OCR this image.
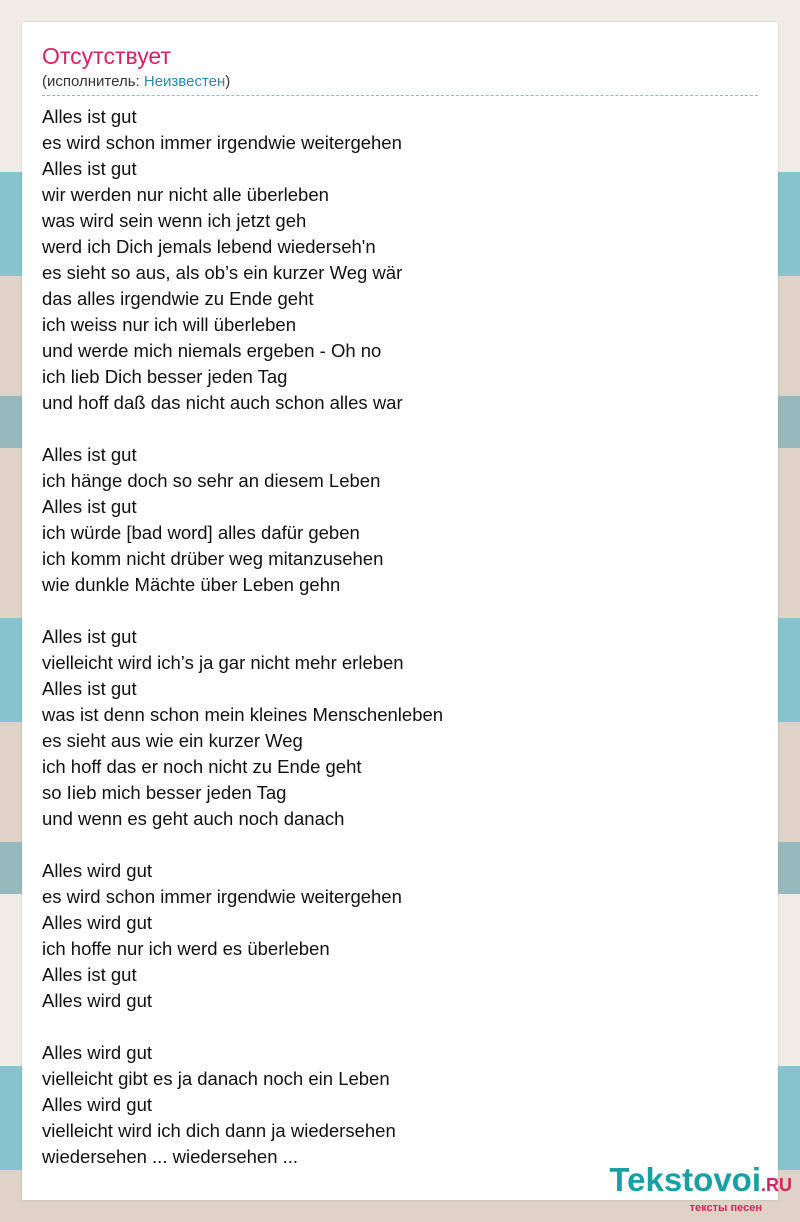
Отсутствует
(исполнитель: Неизвестен)
Alles ist gut
es wird schon immer irgendwie weitergehen
Alles ist gut
wir werden nur nicht alle überleben
was wird sein wenn ich jetzt geh
werd ich Dich jemals lebend wiederseh'n
es sieht so aus, als ob’s ein kurzer Weg wär
das alles irgendwie zu Ende geht
ich weiss nur ich will überleben
und werde mich niemals ergeben - Oh no
ich lieb Dich besser jeden Tag
und hoff daß das nicht auch schon alles war
Alles ist gut
ich hänge doch so sehr an diesem Leben
Alles ist gut
ich würde [bad word] alles dafür geben
ich komm nicht drüber weg mitanzusehen
wie dunkle Mächte über Leben gehn
Alles ist gut
vielleicht wird ich’s ja gar nicht mehr erleben
Alles ist gut
was ist denn schon mein kleines Menschenleben
es sieht aus wie ein kurzer Weg
ich hoff das er noch nicht zu Ende geht
so Iieb mich besser jeden Tag
und wenn es geht auch noch danach
Alles wird gut
es wird schon immer irgendwie weitergehen
Alles wird gut
ich hoffe nur ich werd es überleben
Alles ist gut
Alles wird gut
Alles wird gut
vielleicht gibt es ja danach noch ein Leben
Alles wird gut
vielleicht wird ich dich dann ja wiedersehen
wiedersehen ... wiedersehen ...
Tekstovoi.RU
тексты песен
